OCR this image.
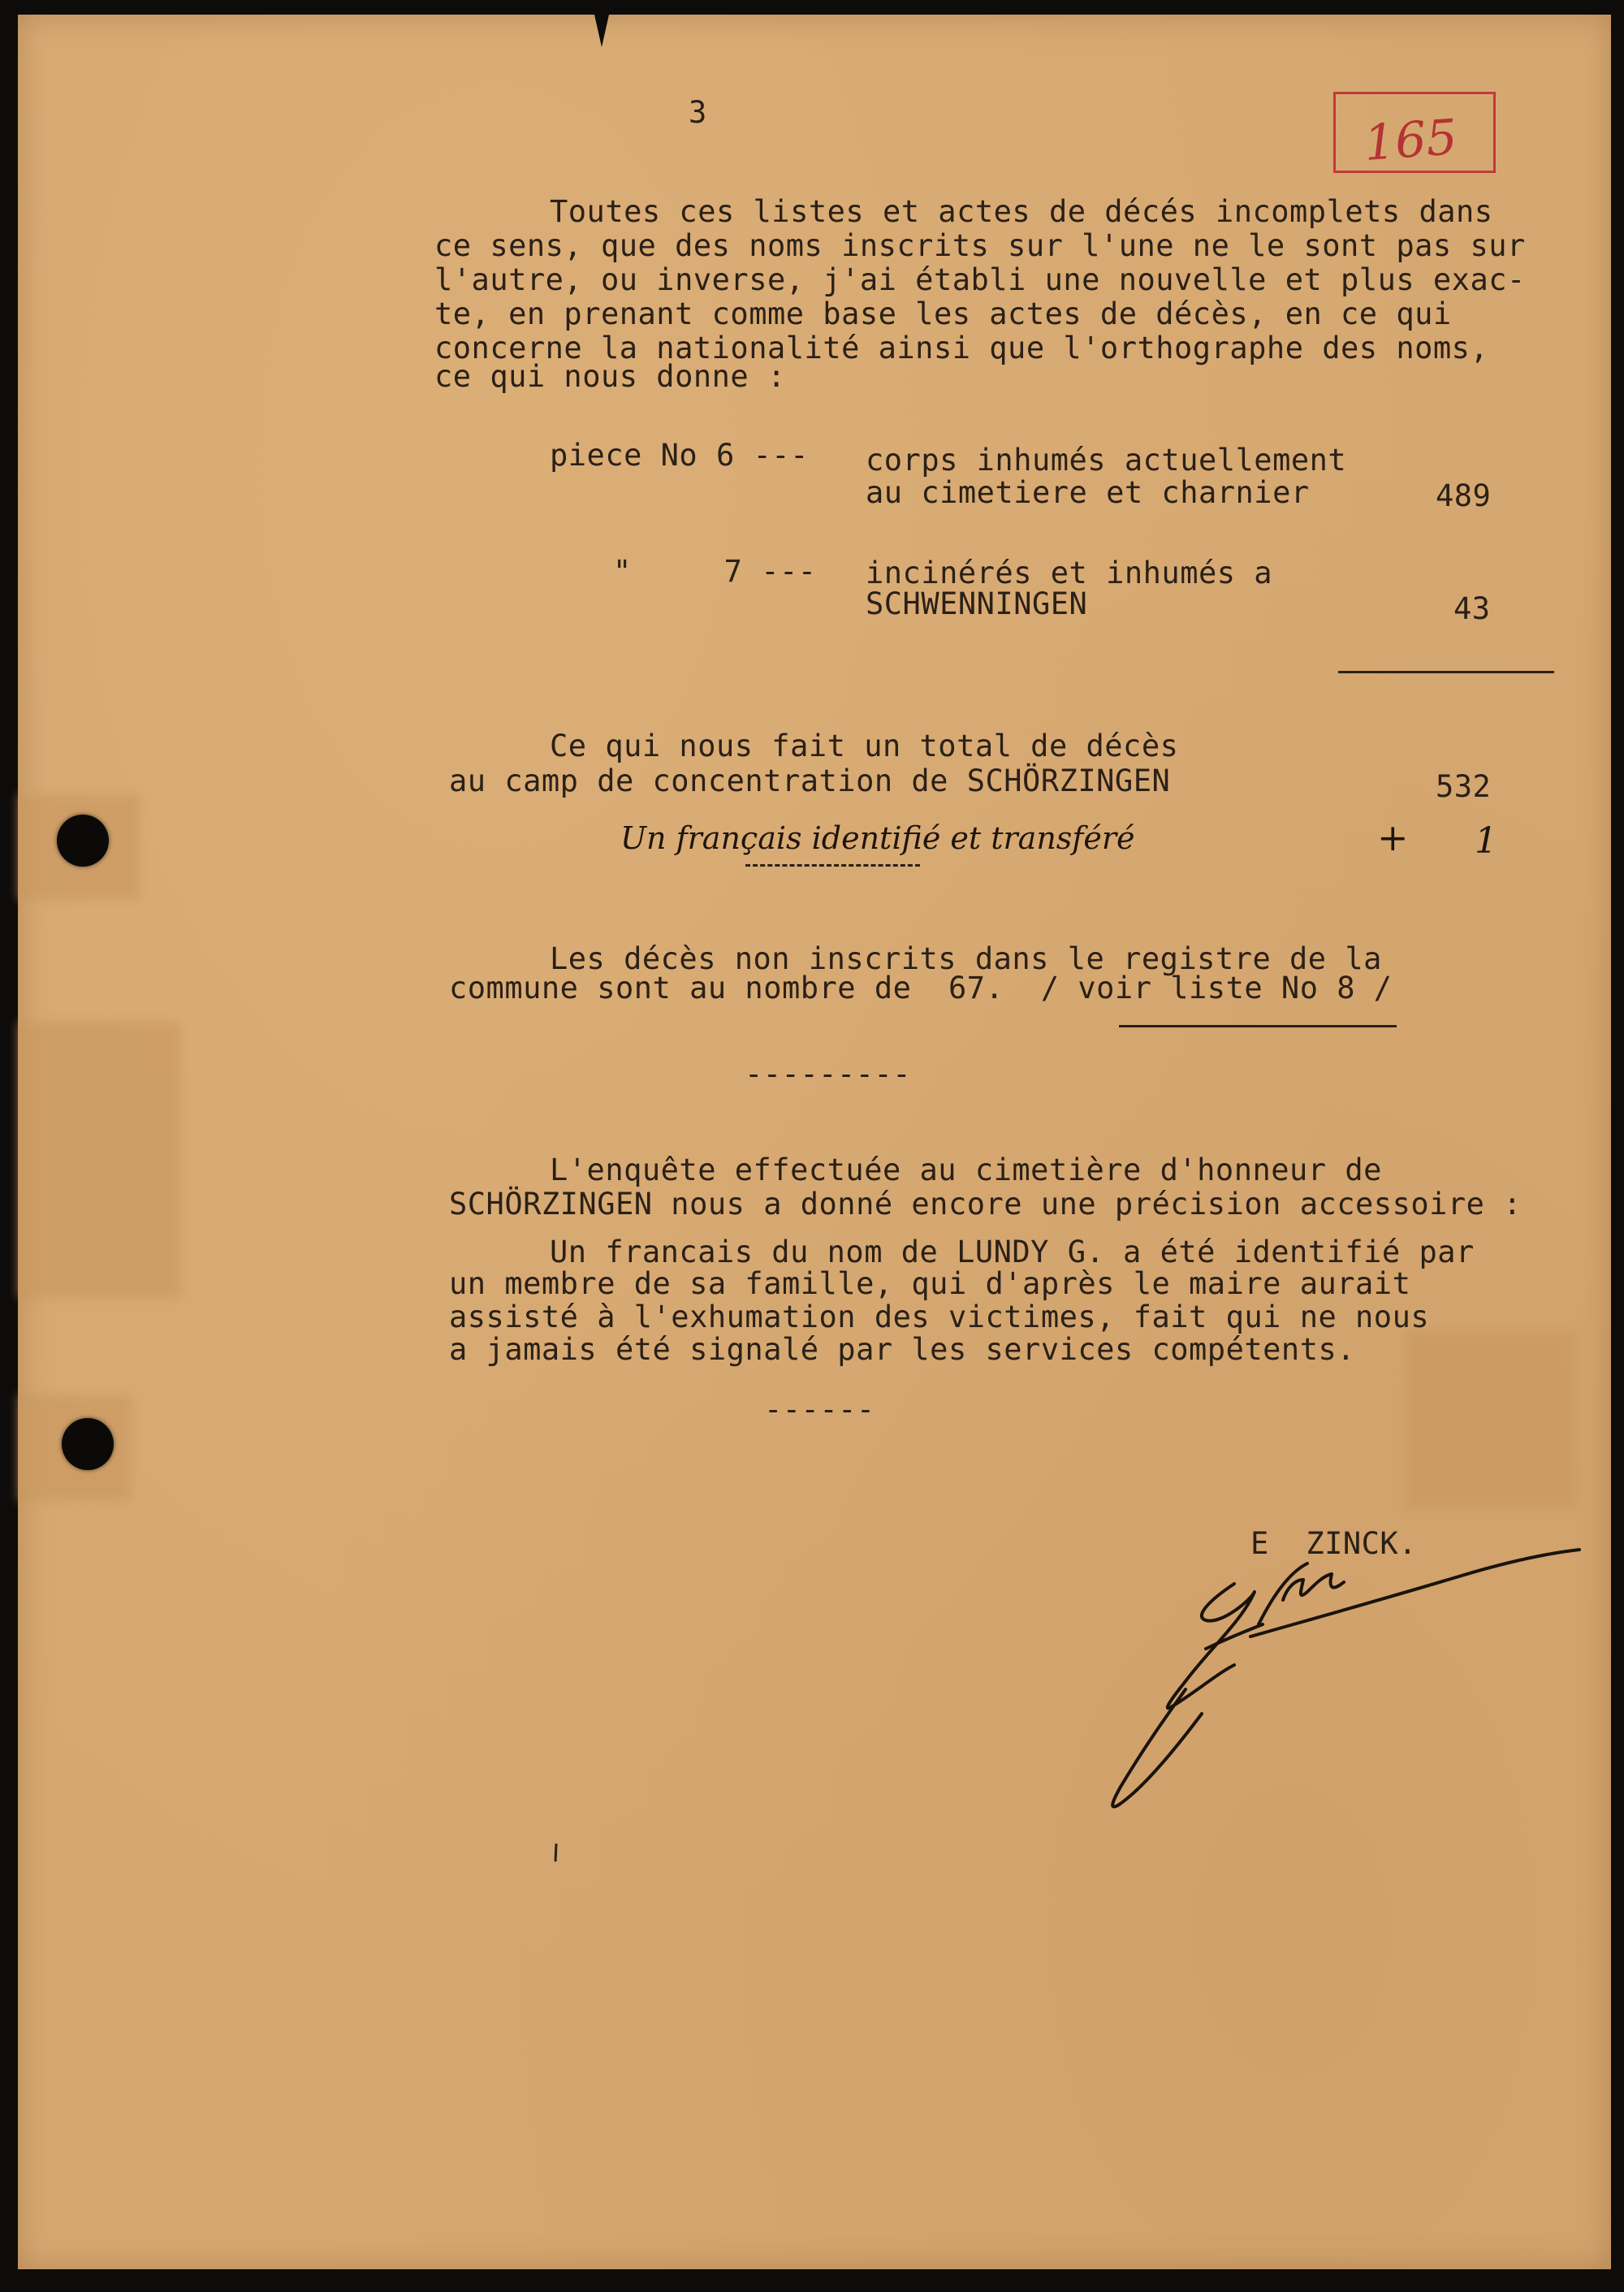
165
3
Toutes ces listes et actes de décés incomplets dans
ce sens, que des noms inscrits sur l'une ne le sont pas sur
l'autre, ou inverse, j'ai établi une nouvelle et plus exac-
te, en prenant comme base les actes de décès, en ce qui
concerne la nationalité ainsi que l'orthographe des noms,
ce qui nous donne :
piece No 6 --- corps inhumés actuellement
au cimetiere et charnier	489
"     7 --- incinérés et inhumés a
SCHWENNINGEN	43
Ce qui nous fait un total de décès
au camp de concentration de SCHÖRZINGEN	532
Un français identifié et transféré	+ 1
Les décès non inscrits dans le registre de la
commune sont au nombre de  67.  / voir liste No 8 /
---------
L'enquête effectuée au cimetière d'honneur de
SCHÖRZINGEN nous a donné encore une précision accessoire :
Un francais du nom de LUNDY G. a été identifié par
un membre de sa famille, qui d'après le maire aurait
assisté à l'exhumation des victimes, fait qui ne nous
a jamais été signalé par les services compétents.
------
E  ZINCK.
